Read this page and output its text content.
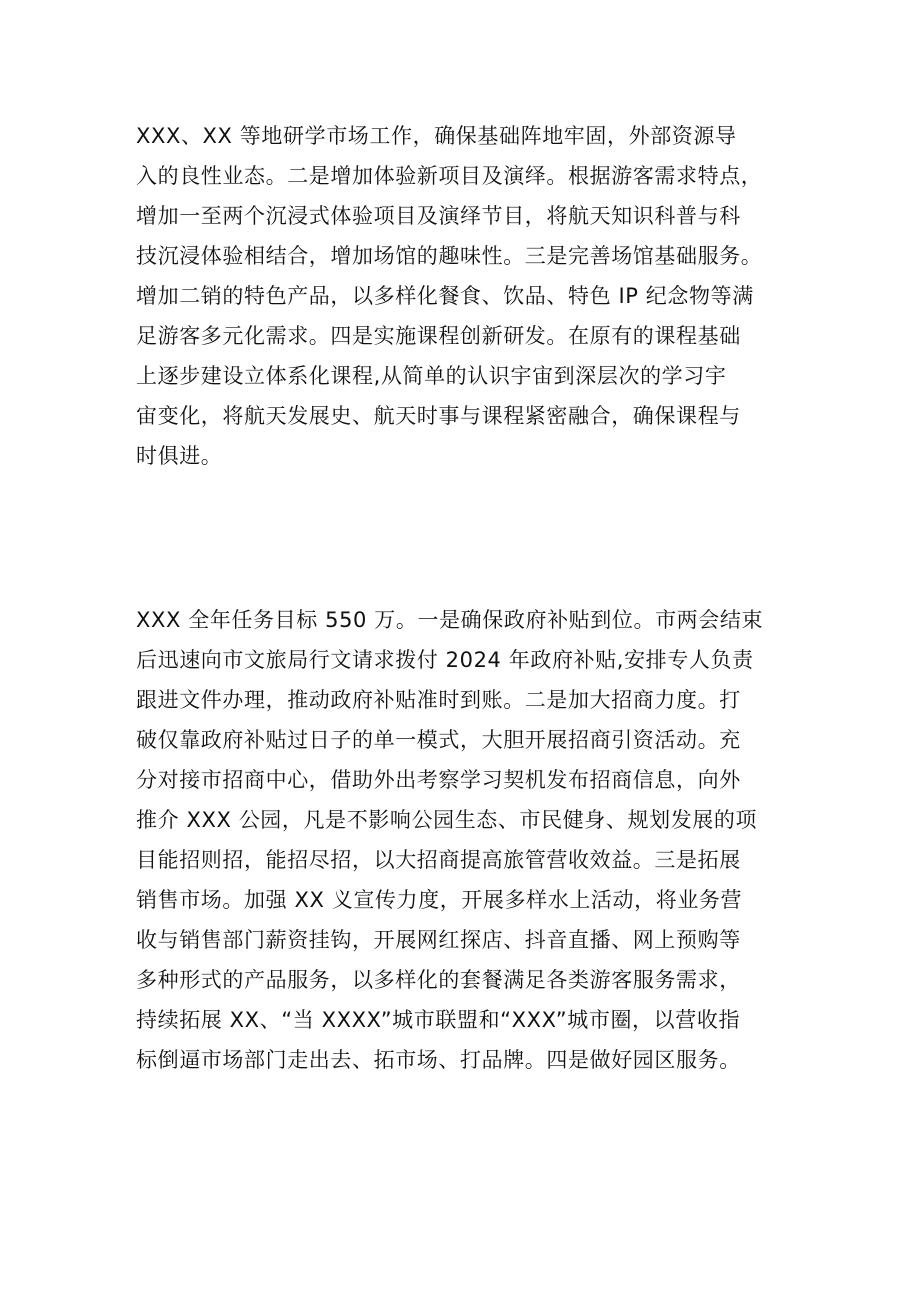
XXX、XX 等地研学市场工作，确保基础阵地牢固，外部资源导
入的良性业态。二是增加体验新项目及演绎。根据游客需求特点，
增加一至两个沉浸式体验项目及演绎节目，将航天知识科普与科
技沉浸体验相结合，增加场馆的趣味性。三是完善场馆基础服务。
增加二销的特色产品，以多样化餐食、饮品、特色 IP 纪念物等满
足游客多元化需求。四是实施课程创新研发。在原有的课程基础
上逐步建设立体系化课程,从简单的认识宇宙到深层次的学习宇
宙变化，将航天发展史、航天时事与课程紧密融合，确保课程与
时俱进。
XXX 全年任务目标 550 万。一是确保政府补贴到位。市两会结束
后迅速向市文旅局行文请求拨付 2024 年政府补贴,安排专人负责
跟进文件办理，推动政府补贴准时到账。二是加大招商力度。打
破仅靠政府补贴过日子的单一模式，大胆开展招商引资活动。充
分对接市招商中心，借助外出考察学习契机发布招商信息，向外
推介 XXX 公园，凡是不影响公园生态、市民健身、规划发展的项
目能招则招，能招尽招，以大招商提高旅管营收效益。三是拓展
销售市场。加强 XX 义宣传力度，开展多样水上活动，将业务营
收与销售部门薪资挂钩，开展网红探店、抖音直播、网上预购等
多种形式的产品服务，以多样化的套餐满足各类游客服务需求，
持续拓展 XX、“当 XXXX”城市联盟和“XXX”城市圈，以营收指
标倒逼市场部门走出去、拓市场、打品牌。四是做好园区服务。
